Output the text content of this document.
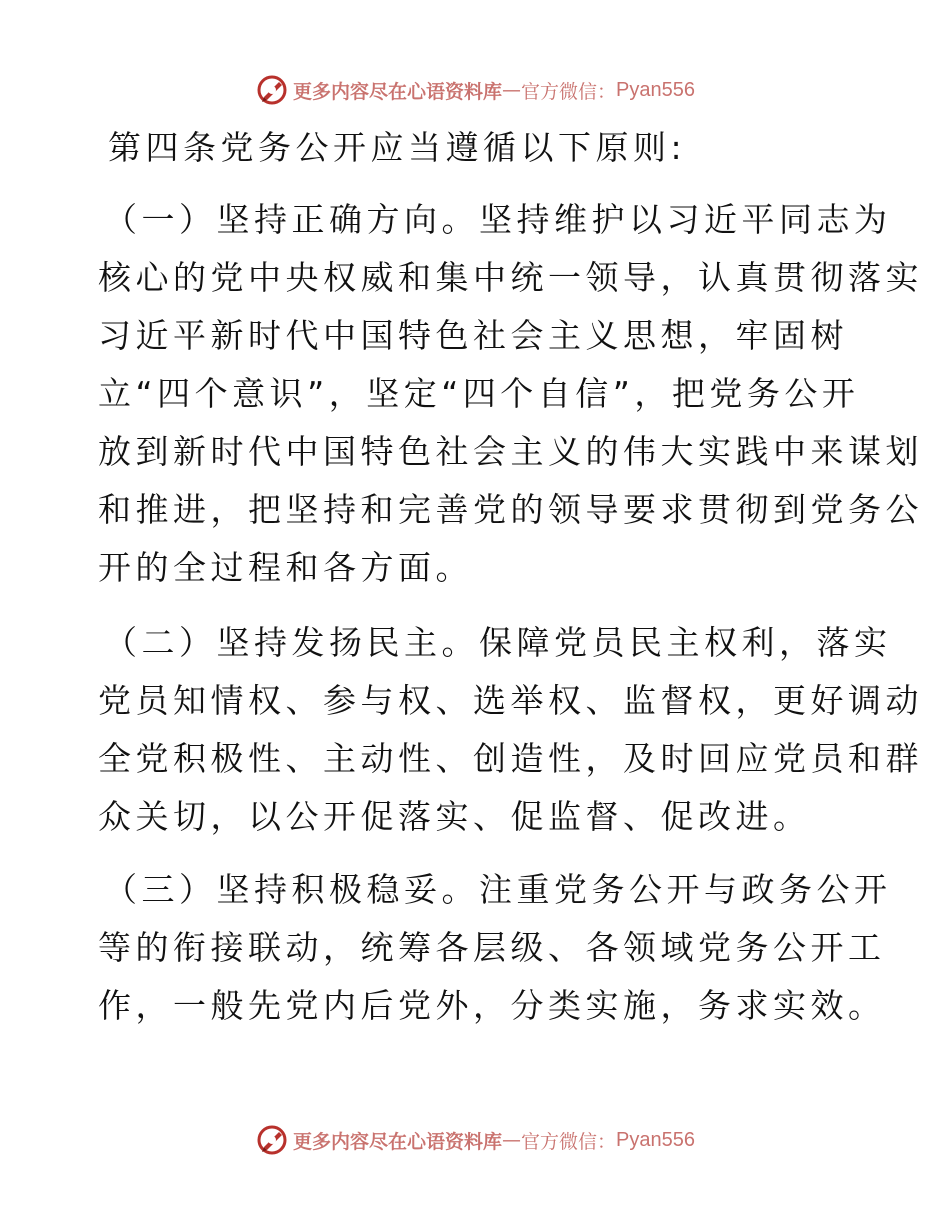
更多内容尽在心语资料库 — 官方微信： Pyan556
第四条党务公开应当遵循以下原则:
（一）坚持正确方向。坚持维护以习近平同志为
核心的党中央权威和集中统一领导，认真贯彻落实
习近平新时代中国特色社会主义思想，牢固树
立“四个意识”，坚定“四个自信”，把党务公开
放到新时代中国特色社会主义的伟大实践中来谋划
和推进，把坚持和完善党的领导要求贯彻到党务公
开的全过程和各方面。
（二）坚持发扬民主。保障党员民主权利，落实
党员知情权、参与权、选举权、监督权，更好调动
全党积极性、主动性、创造性，及时回应党员和群
众关切，以公开促落实、促监督、促改进。
（三）坚持积极稳妥。注重党务公开与政务公开
等的衔接联动，统筹各层级、各领域党务公开工
作，一般先党内后党外，分类实施，务求实效。
更多内容尽在心语资料库 — 官方微信： Pyan556
